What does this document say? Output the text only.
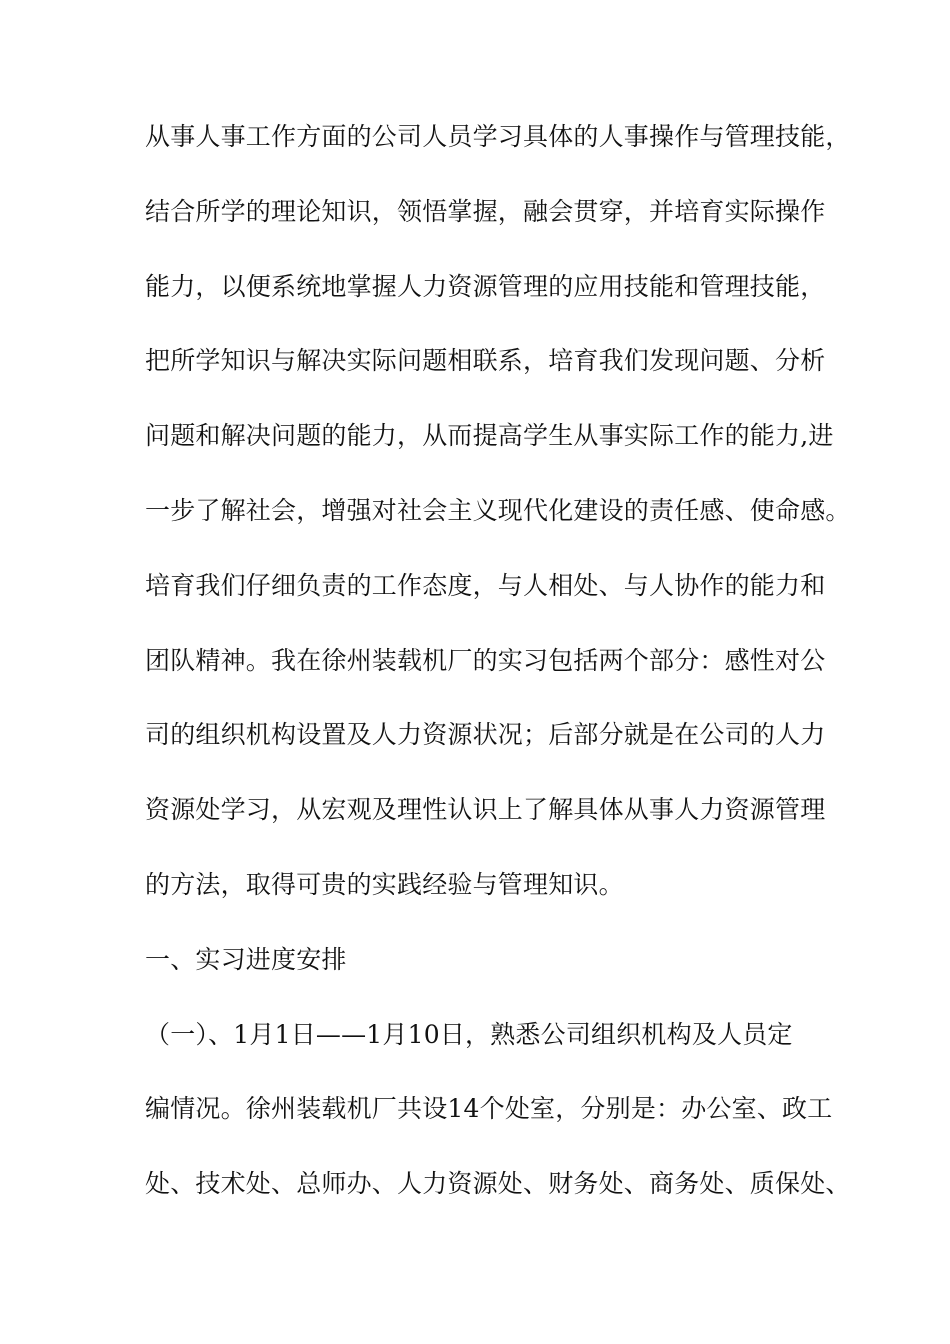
从事人事工作方面的公司人员学习具体的人事操作与管理技能，
结合所学的理论知识，领悟掌握，融会贯穿，并培育实际操作
能力，以便系统地掌握人力资源管理的应用技能和管理技能，
把所学知识与解决实际问题相联系，培育我们发现问题、分析
问题和解决问题的能力，从而提高学生从事实际工作的能力,进
一步了解社会，增强对社会主义现代化建设的责任感、使命感。
培育我们仔细负责的工作态度，与人相处、与人协作的能力和
团队精神。我在徐州装载机厂的实习包括两个部分：感性对公
司的组织机构设置及人力资源状况；后部分就是在公司的人力
资源处学习，从宏观及理性认识上了解具体从事人力资源管理
的方法，取得可贵的实践经验与管理知识。
一、实习进度安排
（一）、1月1日——1月10日，熟悉公司组织机构及人员定
编情况。徐州装载机厂共设14个处室，分别是：办公室、政工
处、技术处、总师办、人力资源处、财务处、商务处、质保处、
